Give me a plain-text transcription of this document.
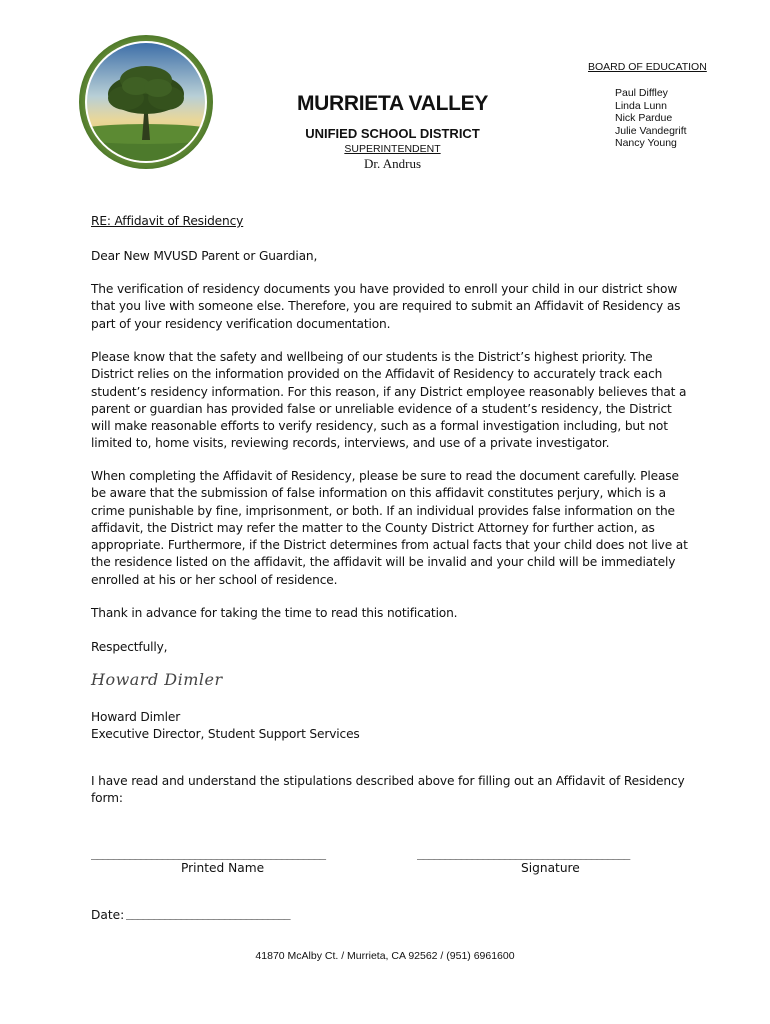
MURRIETA VALLEY
UNIFIED SCHOOL DISTRICT
SUPERINTENDENT
Dr. Andrus
BOARD OF EDUCATION
Paul Diffley
Linda Lunn
Nick Pardue
Julie Vandegrift
Nancy Young

RE: Affidavit of Residency

Dear New MVUSD Parent or Guardian,

The verification of residency documents you have provided to enroll your child in our district show that you live with someone else. Therefore, you are required to submit an Affidavit of Residency as part of your residency verification documentation.

Please know that the safety and wellbeing of our students is the District’s highest priority. The District relies on the information provided on the Affidavit of Residency to accurately track each student’s residency information. For this reason, if any District employee reasonably believes that a parent or guardian has provided false or unreliable evidence of a student’s residency, the District will make reasonable efforts to verify residency, such as a formal investigation including, but not limited to, home visits, reviewing records, interviews, and use of a private investigator.

When completing the Affidavit of Residency, please be sure to read the document carefully. Please be aware that the submission of false information on this affidavit constitutes perjury, which is a crime punishable by fine, imprisonment, or both. If an individual provides false information on the affidavit, the District may refer the matter to the County District Attorney for further action, as appropriate. Furthermore, if the District determines from actual facts that your child does not live at the residence listed on the affidavit, the affidavit will be invalid and your child will be immediately enrolled at his or her school of residence.

Thank in advance for taking the time to read this notification.

Respectfully,

Howard Dimler

Howard Dimler

Executive Director, Student Support Services

I have read and understand the stipulations described above for filling out an Affidavit of Residency form:

___________________________________________
Printed Name
_______________________________________
Signature
Date: ______________________________
41870 McAlby Ct. / Murrieta, CA 92562 / (951) 6961600
